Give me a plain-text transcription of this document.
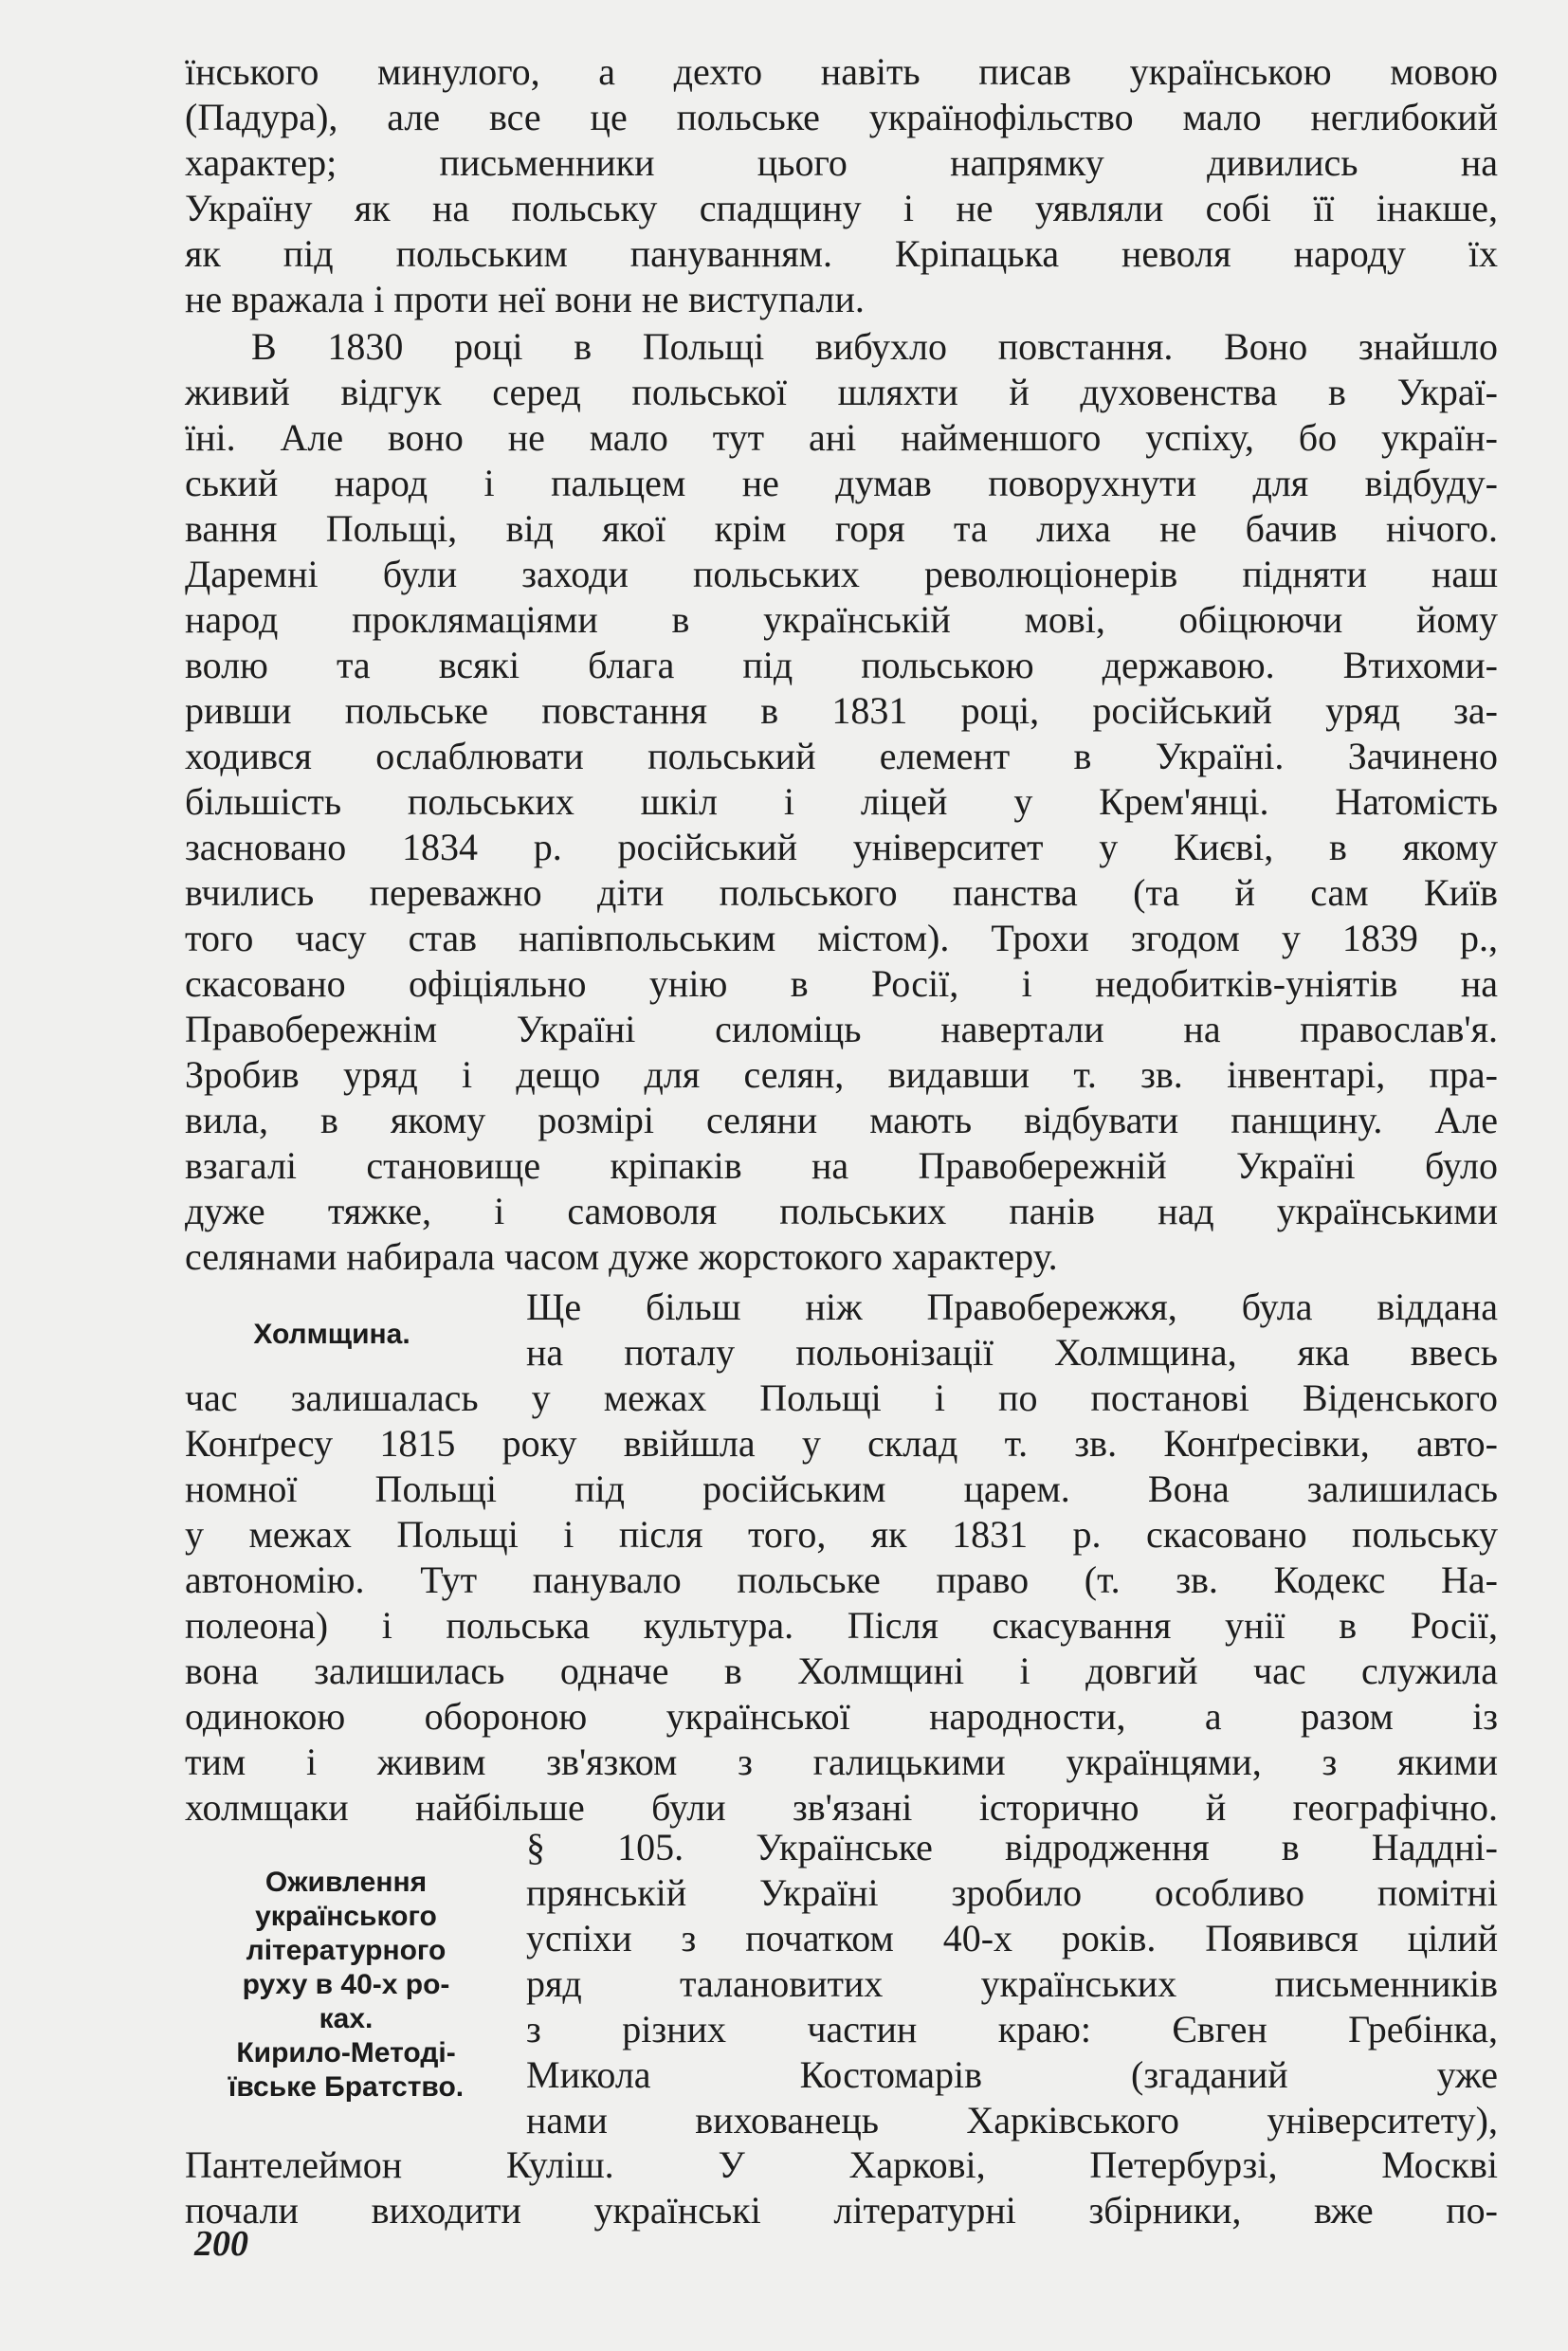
їнського минулого, а дехто навіть писав українською мовою
(Падура), але все це польське українофільство мало неглибокий
характер; письменники цього напрямку дивились на
Україну як на польську спадщину і не уявляли собі її інакше,
як під польським пануванням. Кріпацька неволя народу їх
не вражала і проти неї вони не виступали.
В 1830 році в Польщі вибухло повстання. Воно знайшло
живий відгук серед польської шляхти й духовенства в Украї-
їні. Але воно не мало тут ані найменшого успіху, бо україн-
ський народ і пальцем не думав поворухнути для відбуду-
вання Польщі, від якої крім горя та лиха не бачив нічого.
Даремні були заходи польських революціонерів підняти наш
народ проклямаціями в українській мові, обіцюючи йому
волю та всякі блага під польською державою. Втихоми-
ривши польське повстання в 1831 році, російський уряд за-
ходився ослаблювати польський елемент в Україні. Зачинено
більшість польських шкіл і ліцей у Крем'янці. Натомість
засновано 1834 р. російський університет у Києві, в якому
вчились переважно діти польського панства (та й сам Київ
того часу став напівпольським містом). Трохи згодом у 1839 р.,
скасовано офіціяльно унію в Росії, і недобитків-уніятів на
Правобережнім Україні силоміць навертали на православ'я.
Зробив уряд і дещо для селян, видавши т. зв. інвентарі, пра-
вила, в якому розмірі селяни мають відбувати панщину. Але
взагалі становище кріпаків на Правобережній Україні було
дуже тяжке, і самоволя польських панів над українськими
селянами набирала часом дуже жорстокого характеру.
Холмщина.
Ще більш ніж Правобережжя, була віддана
на поталу польонізації Холмщина, яка ввесь
час залишалась у межах Польщі і по постанові Віденського
Конґресу 1815 року ввійшла у склад т. зв. Конґресівки, авто-
номної Польщі під російським царем. Вона залишилась
у межах Польщі і після того, як 1831 р. скасовано польську
автономію. Тут панувало польське право (т. зв. Кодекс На-
полеона) і польська культура. Після скасування унії в Росії,
вона залишилась одначе в Холмщині і довгий час служила
одинокою обороною української народности, а разом із
тим і живим зв'язком з галицькими українцями, з якими
холмщаки найбільше були зв'язані історично й географічно.
Оживлення
українського
літературного
руху в 40-х ро-
ках.
Кирило-Методі-
ївське Братство.
§ 105. Українське відродження в Наддні-
прянській Україні зробило особливо помітні
успіхи з початком 40-х років. Появився цілий
ряд талановитих українських письменників
з різних частин краю: Євген Гребінка,
Микола Костомарів (згаданий уже
нами вихованець Харківського університету),
Пантелеймон Куліш. У Харкові, Петербурзі, Москві
почали виходити українські літературні збірники, вже по-
200
